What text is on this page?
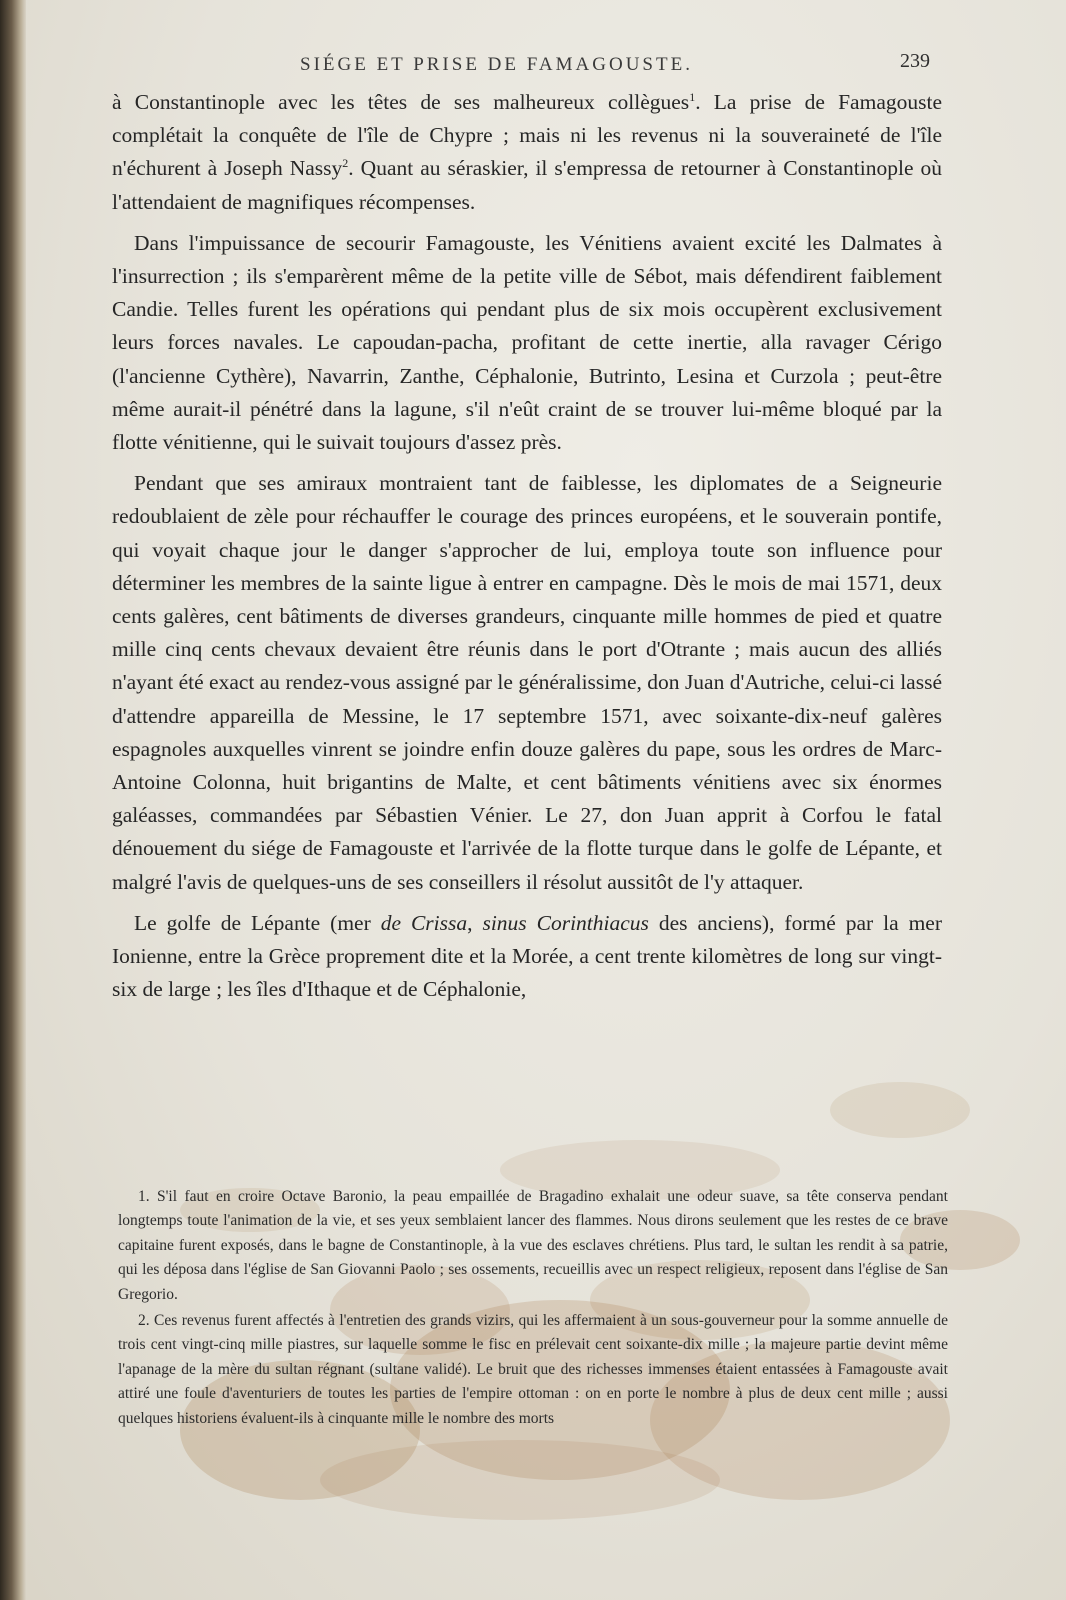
SIÉGE ET PRISE DE FAMAGOUSTE.	239

à Constantinople avec les têtes de ses malheureux collègues$^1$. La prise de Famagouste complétait la conquête de l'île de Chypre ; mais ni les revenus ni la souveraineté de l'île n'échurent à Joseph Nassy$^2$. Quant au séraskier, il s'empressa de retourner à Constantinople où l'attendaient de magnifiques récompenses.

Dans l'impuissance de secourir Famagouste, les Vénitiens avaient excité les Dalmates à l'insurrection ; ils s'emparèrent même de la petite ville de Sébot, mais défendirent faiblement Candie. Telles furent les opérations qui pendant plus de six mois occupèrent exclusivement leurs forces navales. Le capoudan-pacha, profitant de cette inertie, alla ravager Cérigo (l'ancienne Cythère), Navarrin, Zanthe, Céphalonie, Butrinto, Lesina et Curzola ; peut-être même aurait-il pénétré dans la lagune, s'il n'eût craint de se trouver lui-même bloqué par la flotte vénitienne, qui le suivait toujours d'assez près.

Pendant que ses amiraux montraient tant de faiblesse, les diplomates de a Seigneurie redoublaient de zèle pour réchauffer le courage des princes européens, et le souverain pontife, qui voyait chaque jour le danger s'approcher de lui, employa toute son influence pour déterminer les membres de la sainte ligue à entrer en campagne. Dès le mois de mai 1571, deux cents galères, cent bâtiments de diverses grandeurs, cinquante mille hommes de pied et quatre mille cinq cents chevaux devaient être réunis dans le port d'Otrante ; mais aucun des alliés n'ayant été exact au rendez-vous assigné par le généralissime, don Juan d'Autriche, celui-ci lassé d'attendre appareilla de Messine, le 17 septembre 1571, avec soixante-dix-neuf galères espagnoles auxquelles vinrent se joindre enfin douze galères du pape, sous les ordres de Marc-Antoine Colonna, huit brigantins de Malte, et cent bâtiments vénitiens avec six énormes galéasses, commandées par Sébastien Vénier. Le 27, don Juan apprit à Corfou le fatal dénouement du siége de Famagouste et l'arrivée de la flotte turque dans le golfe de Lépante, et malgré l'avis de quelques-uns de ses conseillers il résolut aussitôt de l'y attaquer.

Le golfe de Lépante (mer de Crissa, sinus Corinthiacus des anciens), formé par la mer Ionienne, entre la Grèce proprement dite et la Morée, a cent trente kilomètres de long sur vingt-six de large ; les îles d'Ithaque et de Céphalonie,

1. S'il faut en croire Octave Baronio, la peau empaillée de Bragadino exhalait une odeur suave, sa tête conserva pendant longtemps toute l'animation de la vie, et ses yeux semblaient lancer des flammes. Nous dirons seulement que les restes de ce brave capitaine furent exposés, dans le bagne de Constantinople, à la vue des esclaves chrétiens. Plus tard, le sultan les rendit à sa patrie, qui les déposa dans l'église de San Giovanni Paolo ; ses ossements, recueillis avec un respect religieux, reposent dans l'église de San Gregorio.

2. Ces revenus furent affectés à l'entretien des grands vizirs, qui les affermaient à un sous-gouverneur pour la somme annuelle de trois cent vingt-cinq mille piastres, sur laquelle somme le fisc en prélevait cent soixante-dix mille ; la majeure partie devint même l'apanage de la mère du sultan régnant (sultane validé). Le bruit que des richesses immenses étaient entassées à Famagouste avait attiré une foule d'aventuriers de toutes les parties de l'empire ottoman : on en porte le nombre à plus de deux cent mille ; aussi quelques historiens évaluent-ils à cinquante mille le nombre des morts
